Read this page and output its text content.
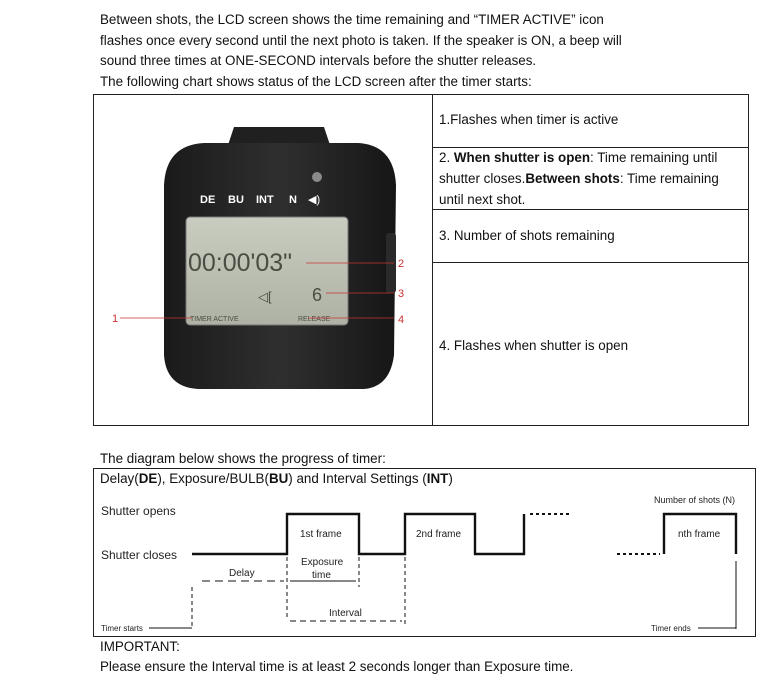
Between shots, the LCD screen shows the time remaining and “TIMER ACTIVE” icon
flashes once every second until the next photo is taken. If the speaker is ON, a beep will
sound three times at ONE-SECOND intervals before the shutter releases.
The following chart shows status of the LCD screen after the timer starts:
DE BU INT N ◀)
00:00'03"
◁[ 6
TIMER ACTIVE	RELEASE
1
2
3
4
1.Flashes when timer is active
2. When shutter is open: Time remaining until shutter closes.Between shots: Time remaining until next shot.
3. Number of shots remaining
4. Flashes when shutter is open
The diagram below shows the progress of timer:
Delay(DE), Exposure/BULB(BU) and Interval Settings (INT)
Shutter opens
Shutter closes
Number of shots (N)
1st frame	2nd frame	nth frame
Delay
Exposure
time
Interval
Timer starts	Timer ends
IMPORTANT:
Please ensure the Interval time is at least 2 seconds longer than Exposure time.
